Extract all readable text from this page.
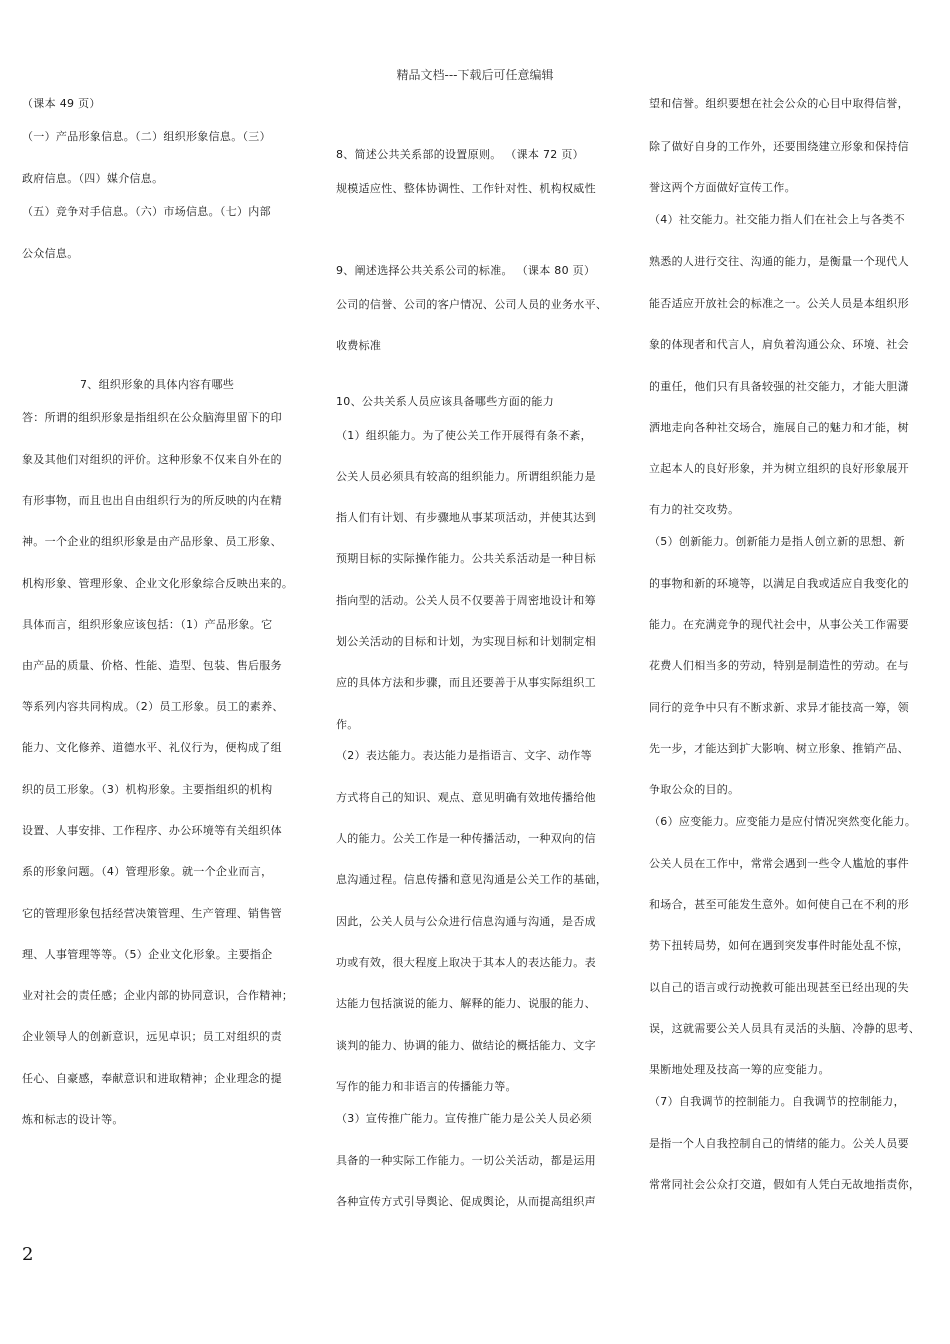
精品文档---下载后可任意编辑
（课本 49 页）
（一）产品形象信息。（二）组织形象信息。（三）
政府信息。（四）媒介信息。
（五）竞争对手信息。（六）市场信息。（七）内部
公众信息。
7、组织形象的具体内容有哪些
答：所谓的组织形象是指组织在公众脑海里留下的印
象及其他们对组织的评价。这种形象不仅来自外在的
有形事物，而且也出自由组织行为的所反映的内在精
神。一个企业的组织形象是由产品形象、员工形象、
机构形象、管理形象、企业文化形象综合反映出来的。
具体而言，组织形象应该包括：（1）产品形象。它
由产品的质量、价格、性能、造型、包装、售后服务
等系列内容共同构成。（2）员工形象。员工的素养、
能力、文化修养、道德水平、礼仪行为，便构成了组
织的员工形象。（3）机构形象。主要指组织的机构
设置、人事安排、工作程序、办公环境等有关组织体
系的形象问题。（4）管理形象。就一个企业而言，
它的管理形象包括经营决策管理、生产管理、销售管
理、人事管理等等。（5）企业文化形象。主要指企
业对社会的责任感；企业内部的协同意识，合作精神；
企业领导人的创新意识，远见卓识；员工对组织的责
任心、自豪感，奉献意识和进取精神；企业理念的提
炼和标志的设计等。
8、简述公共关系部的设置原则。 （课本 72 页）
规模适应性、整体协调性、工作针对性、机构权威性
9、阐述选择公共关系公司的标准。 （课本 80 页）
公司的信誉、公司的客户情况、公司人员的业务水平、
收费标准
10、公共关系人员应该具备哪些方面的能力
（1）组织能力。为了使公关工作开展得有条不紊，
公关人员必须具有较高的组织能力。所谓组织能力是
指人们有计划、有步骤地从事某项活动，并使其达到
预期目标的实际操作能力。公共关系活动是一种目标
指向型的活动。公关人员不仅要善于周密地设计和筹
划公关活动的目标和计划，为实现目标和计划制定相
应的具体方法和步骤，而且还要善于从事实际组织工
作。
（2）表达能力。表达能力是指语言、文字、动作等
方式将自己的知识、观点、意见明确有效地传播给他
人的能力。公关工作是一种传播活动，一种双向的信
息沟通过程。信息传播和意见沟通是公关工作的基础，
因此，公关人员与公众进行信息沟通与沟通，是否成
功或有效，很大程度上取决于其本人的表达能力。表
达能力包括演说的能力、解释的能力、说服的能力、
谈判的能力、协调的能力、做结论的概括能力、文字
写作的能力和非语言的传播能力等。
（3）宣传推广能力。宣传推广能力是公关人员必须
具备的一种实际工作能力。一切公关活动，都是运用
各种宣传方式引导舆论、促成舆论，从而提高组织声
望和信誉。组织要想在社会公众的心目中取得信誉，
除了做好自身的工作外，还要围绕建立形象和保持信
誉这两个方面做好宣传工作。
（4）社交能力。社交能力指人们在社会上与各类不
熟悉的人进行交往、沟通的能力，是衡量一个现代人
能否适应开放社会的标准之一。公关人员是本组织形
象的体现者和代言人，肩负着沟通公众、环境、社会
的重任，他们只有具备较强的社交能力，才能大胆潇
洒地走向各种社交场合，施展自己的魅力和才能，树
立起本人的良好形象，并为树立组织的良好形象展开
有力的社交攻势。
（5）创新能力。创新能力是指人创立新的思想、新
的事物和新的环境等，以满足自我或适应自我变化的
能力。在充满竞争的现代社会中，从事公关工作需要
花费人们相当多的劳动，特别是制造性的劳动。在与
同行的竞争中只有不断求新、求异才能技高一筹，领
先一步，才能达到扩大影响、树立形象、推销产品、
争取公众的目的。
（6）应变能力。应变能力是应付情况突然变化能力。
公关人员在工作中，常常会遇到一些令人尴尬的事件
和场合，甚至可能发生意外。如何使自己在不利的形
势下扭转局势，如何在遇到突发事件时能处乱不惊，
以自己的语言或行动挽救可能出现甚至已经出现的失
误，这就需要公关人员具有灵活的头脑、冷静的思考、
果断地处理及技高一筹的应变能力。
（7）自我调节的控制能力。自我调节的控制能力，
是指一个人自我控制自己的情绪的能力。公关人员要
常常同社会公众打交道，假如有人凭白无故地指责你，
2
